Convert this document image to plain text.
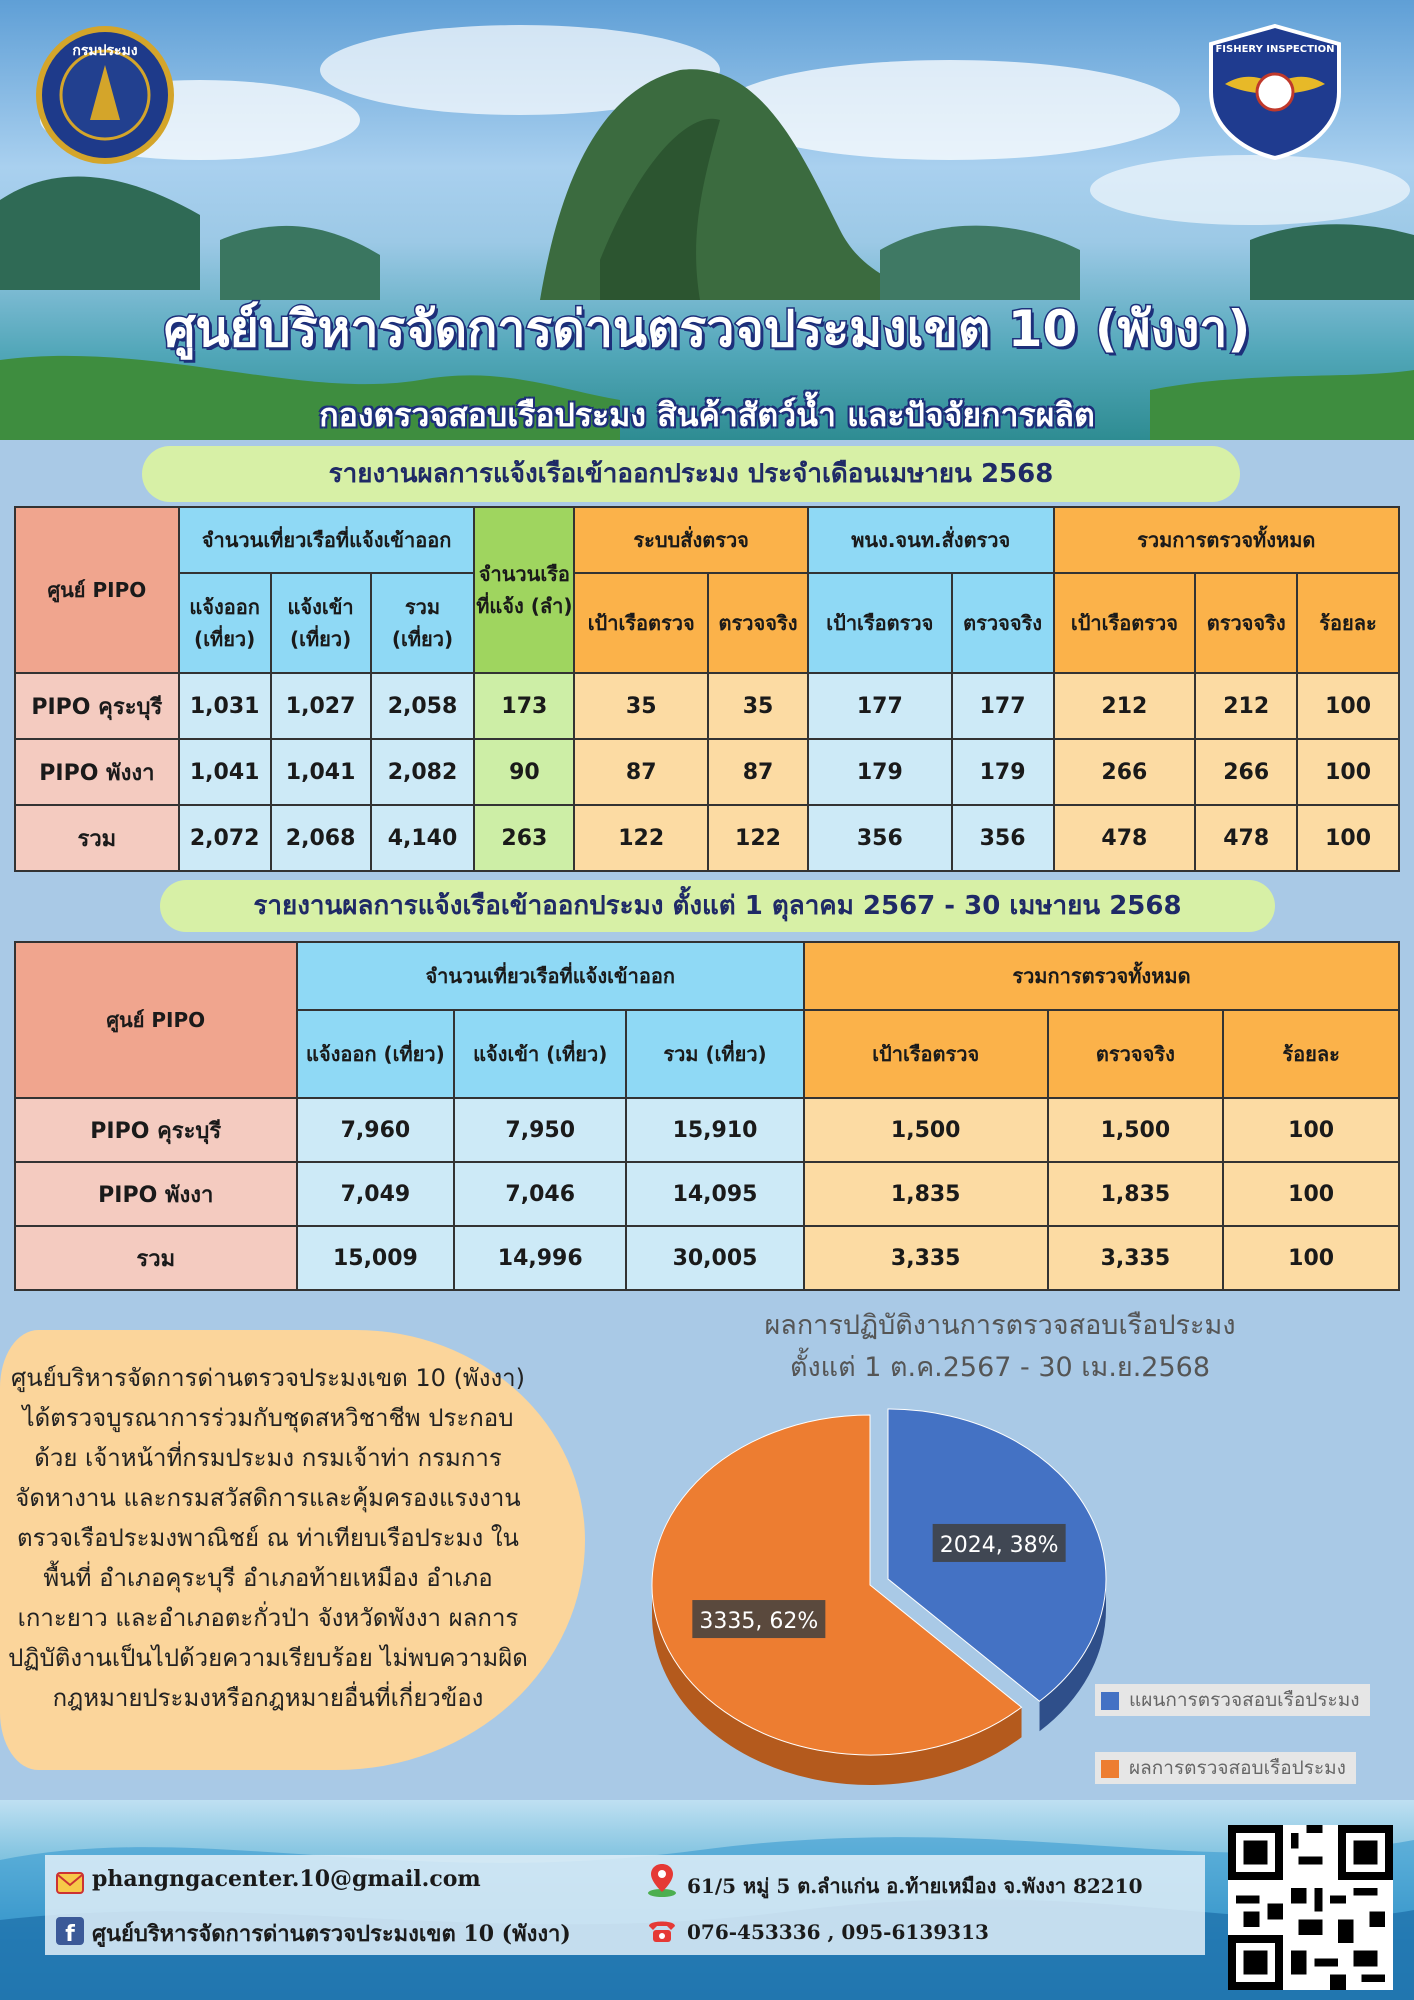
กรมประมง	FISHERY INSPECTION
ศูนย์บริหารจัดการด่านตรวจประมงเขต 10 (พังงา)
กองตรวจสอบเรือประมง สินค้าสัตว์น้ำ และปัจจัยการผลิต
รายงานผลการแจ้งเรือเข้าออกประมง ประจำเดือนเมษายน 2568
ศูนย์ PIPO	จำนวนเที่ยวเรือที่แจ้งเข้าออก			จำนวนเรือที่แจ้ง (ลำ)	ระบบสั่งตรวจ		พนง.จนท.สั่งตรวจ		รวมการตรวจทั้งหมด		
	แจ้งออก (เที่ยว)	แจ้งเข้า (เที่ยว)	รวม (เที่ยว)		เป้าเรือตรวจ	ตรวจจริง	เป้าเรือตรวจ	ตรวจจริง	เป้าเรือตรวจ	ตรวจจริง	ร้อยละ
PIPO คุระบุรี	1,031	1,027	2,058	173	35	35	177	177	212	212	100
PIPO พังงา	1,041	1,041	2,082	90	87	87	179	179	266	266	100
รวม	2,072	2,068	4,140	263	122	122	356	356	478	478	100
รายงานผลการแจ้งเรือเข้าออกประมง ตั้งแต่ 1 ตุลาคม 2567 - 30 เมษายน 2568
ศูนย์ PIPO	จำนวนเที่ยวเรือที่แจ้งเข้าออก			รวมการตรวจทั้งหมด		
	แจ้งออก (เที่ยว)	แจ้งเข้า (เที่ยว)	รวม (เที่ยว)	เป้าเรือตรวจ	ตรวจจริง	ร้อยละ
PIPO คุระบุรี	7,960	7,950	15,910	1,500	1,500	100
PIPO พังงา	7,049	7,046	14,095	1,835	1,835	100
รวม	15,009	14,996	30,005	3,335	3,335	100
ศูนย์บริหารจัดการด่านตรวจประมงเขต 10 (พังงา) ได้ตรวจบูรณาการร่วมกับชุดสหวิชาชีพ ประกอบด้วย เจ้าหน้าที่กรมประมง กรมเจ้าท่า กรมการจัดหางาน และกรมสวัสดิการและคุ้มครองแรงงานตรวจเรือประมงพาณิชย์ ณ ท่าเทียบเรือประมง ในพื้นที่ อำเภอคุระบุรี อำเภอท้ายเหมือง อำเภอเกาะยาว และอำเภอตะกั่วป่า จังหวัดพังงา ผลการปฏิบัติงานเป็นไปด้วยความเรียบร้อย ไม่พบความผิดกฎหมายประมงหรือกฎหมายอื่นที่เกี่ยวข้อง
ผลการปฏิบัติงานการตรวจสอบเรือประมง
ตั้งแต่ 1 ต.ค.2567 - 30 เม.ย.2568
2024, 38%
3335, 62%
แผนการตรวจสอบเรือประมง
ผลการตรวจสอบเรือประมง
phangngacenter.10@gmail.com
f ศูนย์บริหารจัดการด่านตรวจประมงเขต 10 (พังงา)
61/5 หมู่ 5 ต.ลำแก่น อ.ท้ายเหมือง จ.พังงา 82210
076-453336 , 095-6139313
